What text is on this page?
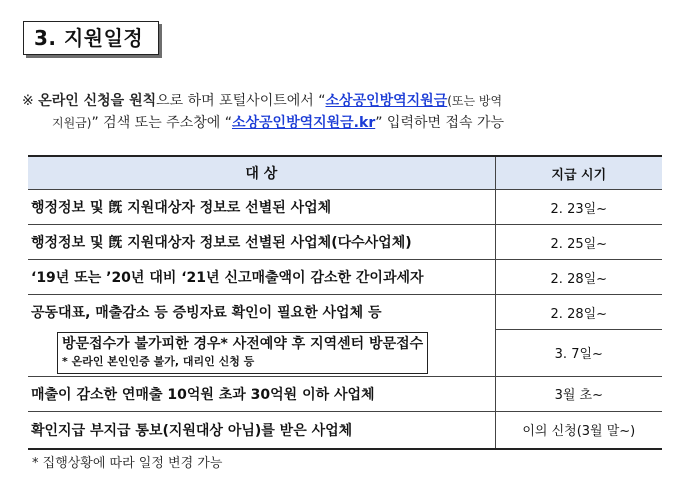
3. 지원일정
※ 온라인 신청을 원칙으로 하며 포털사이트에서 “소상공인방역지원금(또는 방역
지원금)” 검색 또는 주소창에 “소상공인방역지원금.kr” 입력하면 접속 가능
대 상	지급 시기
행정정보 및 旣 지원대상자 정보로 선별된 사업체	2. 23일~
행정정보 및 旣 지원대상자 정보로 선별된 사업체(다수사업체)	2. 25일~
‘19년 또는 ’20년 대비 ‘21년 신고매출액이 감소한 간이과세자	2. 28일~
공동대표, 매출감소 등 증빙자료 확인이 필요한 사업체 등	2. 28일~
방문접수가 불가피한 경우* 사전예약 후 지역센터 방문접수
* 온라인 본인인증 불가, 대리인 신청 등	3. 7일~
매출이 감소한 연매출 10억원 초과 30억원 이하 사업체	3월 초~
확인지급 부지급 통보(지원대상 아님)를 받은 사업체	이의 신청(3월 말~)
* 집행상황에 따라 일정 변경 가능
